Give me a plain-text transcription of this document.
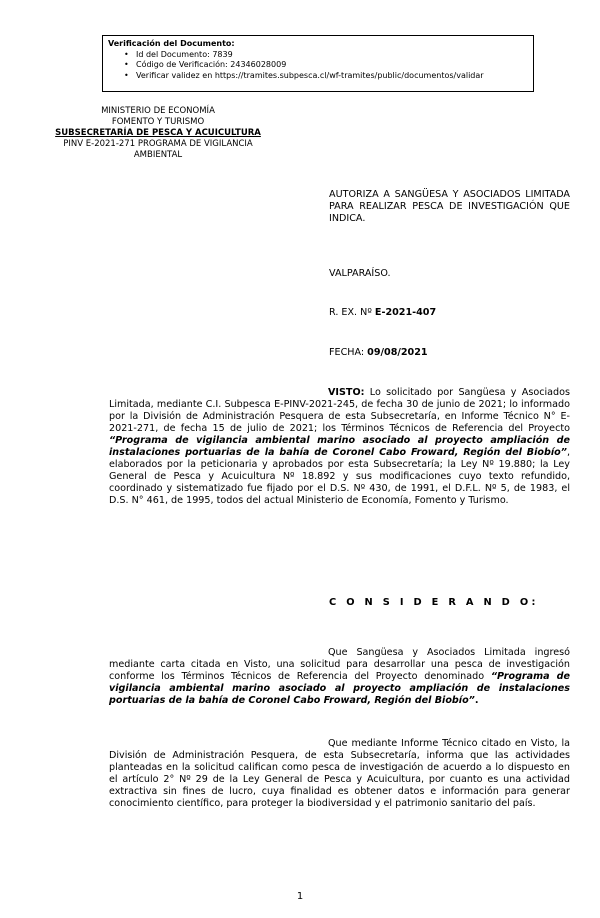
Verificación del Documento:
• Id del Documento: 7839
• Código de Verificación: 24346028009
• Verificar validez en https://tramites.subpesca.cl/wf-tramites/public/documentos/validar
MINISTERIO DE ECONOMÍA
FOMENTO Y TURISMO
SUBSECRETARÍA DE PESCA Y ACUICULTURA
PINV E-2021-271 PROGRAMA DE VIGILANCIA
AMBIENTAL
AUTORIZA A SANGÜESA Y ASOCIADOS LIMITADA PARA REALIZAR PESCA DE INVESTIGACIÓN QUE INDICA.
VALPARAÍSO.
R. EX. Nº E-2021-407
FECHA: 09/08/2021
VISTO: Lo solicitado por Sangüesa y Asociados Limitada, mediante C.I. Subpesca E-PINV-2021-245, de fecha 30 de junio de 2021; lo informado por la División de Administración Pesquera de esta Subsecretaría, en Informe Técnico N° E-2021-271, de fecha 15 de julio de 2021; los Términos Técnicos de Referencia del Proyecto “Programa de vigilancia ambiental marino asociado al proyecto ampliación de instalaciones portuarias de la bahía de Coronel Cabo Froward, Región del Biobío”, elaborados por la peticionaria y aprobados por esta Subsecretaría; la Ley Nº 19.880; la Ley General de Pesca y Acuicultura Nº 18.892 y sus modificaciones cuyo texto refundido, coordinado y sistematizado fue fijado por el D.S. Nº 430, de 1991, el D.F.L. Nº 5, de 1983, el D.S. N° 461, de 1995, todos del actual Ministerio de Economía, Fomento y Turismo.
C O N S I D E R A N D O:
Que Sangüesa y Asociados Limitada ingresó mediante carta citada en Visto, una solicitud para desarrollar una pesca de investigación conforme los Términos Técnicos de Referencia del Proyecto denominado “Programa de vigilancia ambiental marino asociado al proyecto ampliación de instalaciones portuarias de la bahía de Coronel Cabo Froward, Región del Biobío”.
Que mediante Informe Técnico citado en Visto, la División de Administración Pesquera, de esta Subsecretaría, informa que las actividades planteadas en la solicitud califican como pesca de investigación de acuerdo a lo dispuesto en el artículo 2° Nº 29 de la Ley General de Pesca y Acuicultura, por cuanto es una actividad extractiva sin fines de lucro, cuya finalidad es obtener datos e información para generar conocimiento científico, para proteger la biodiversidad y el patrimonio sanitario del país.
1
